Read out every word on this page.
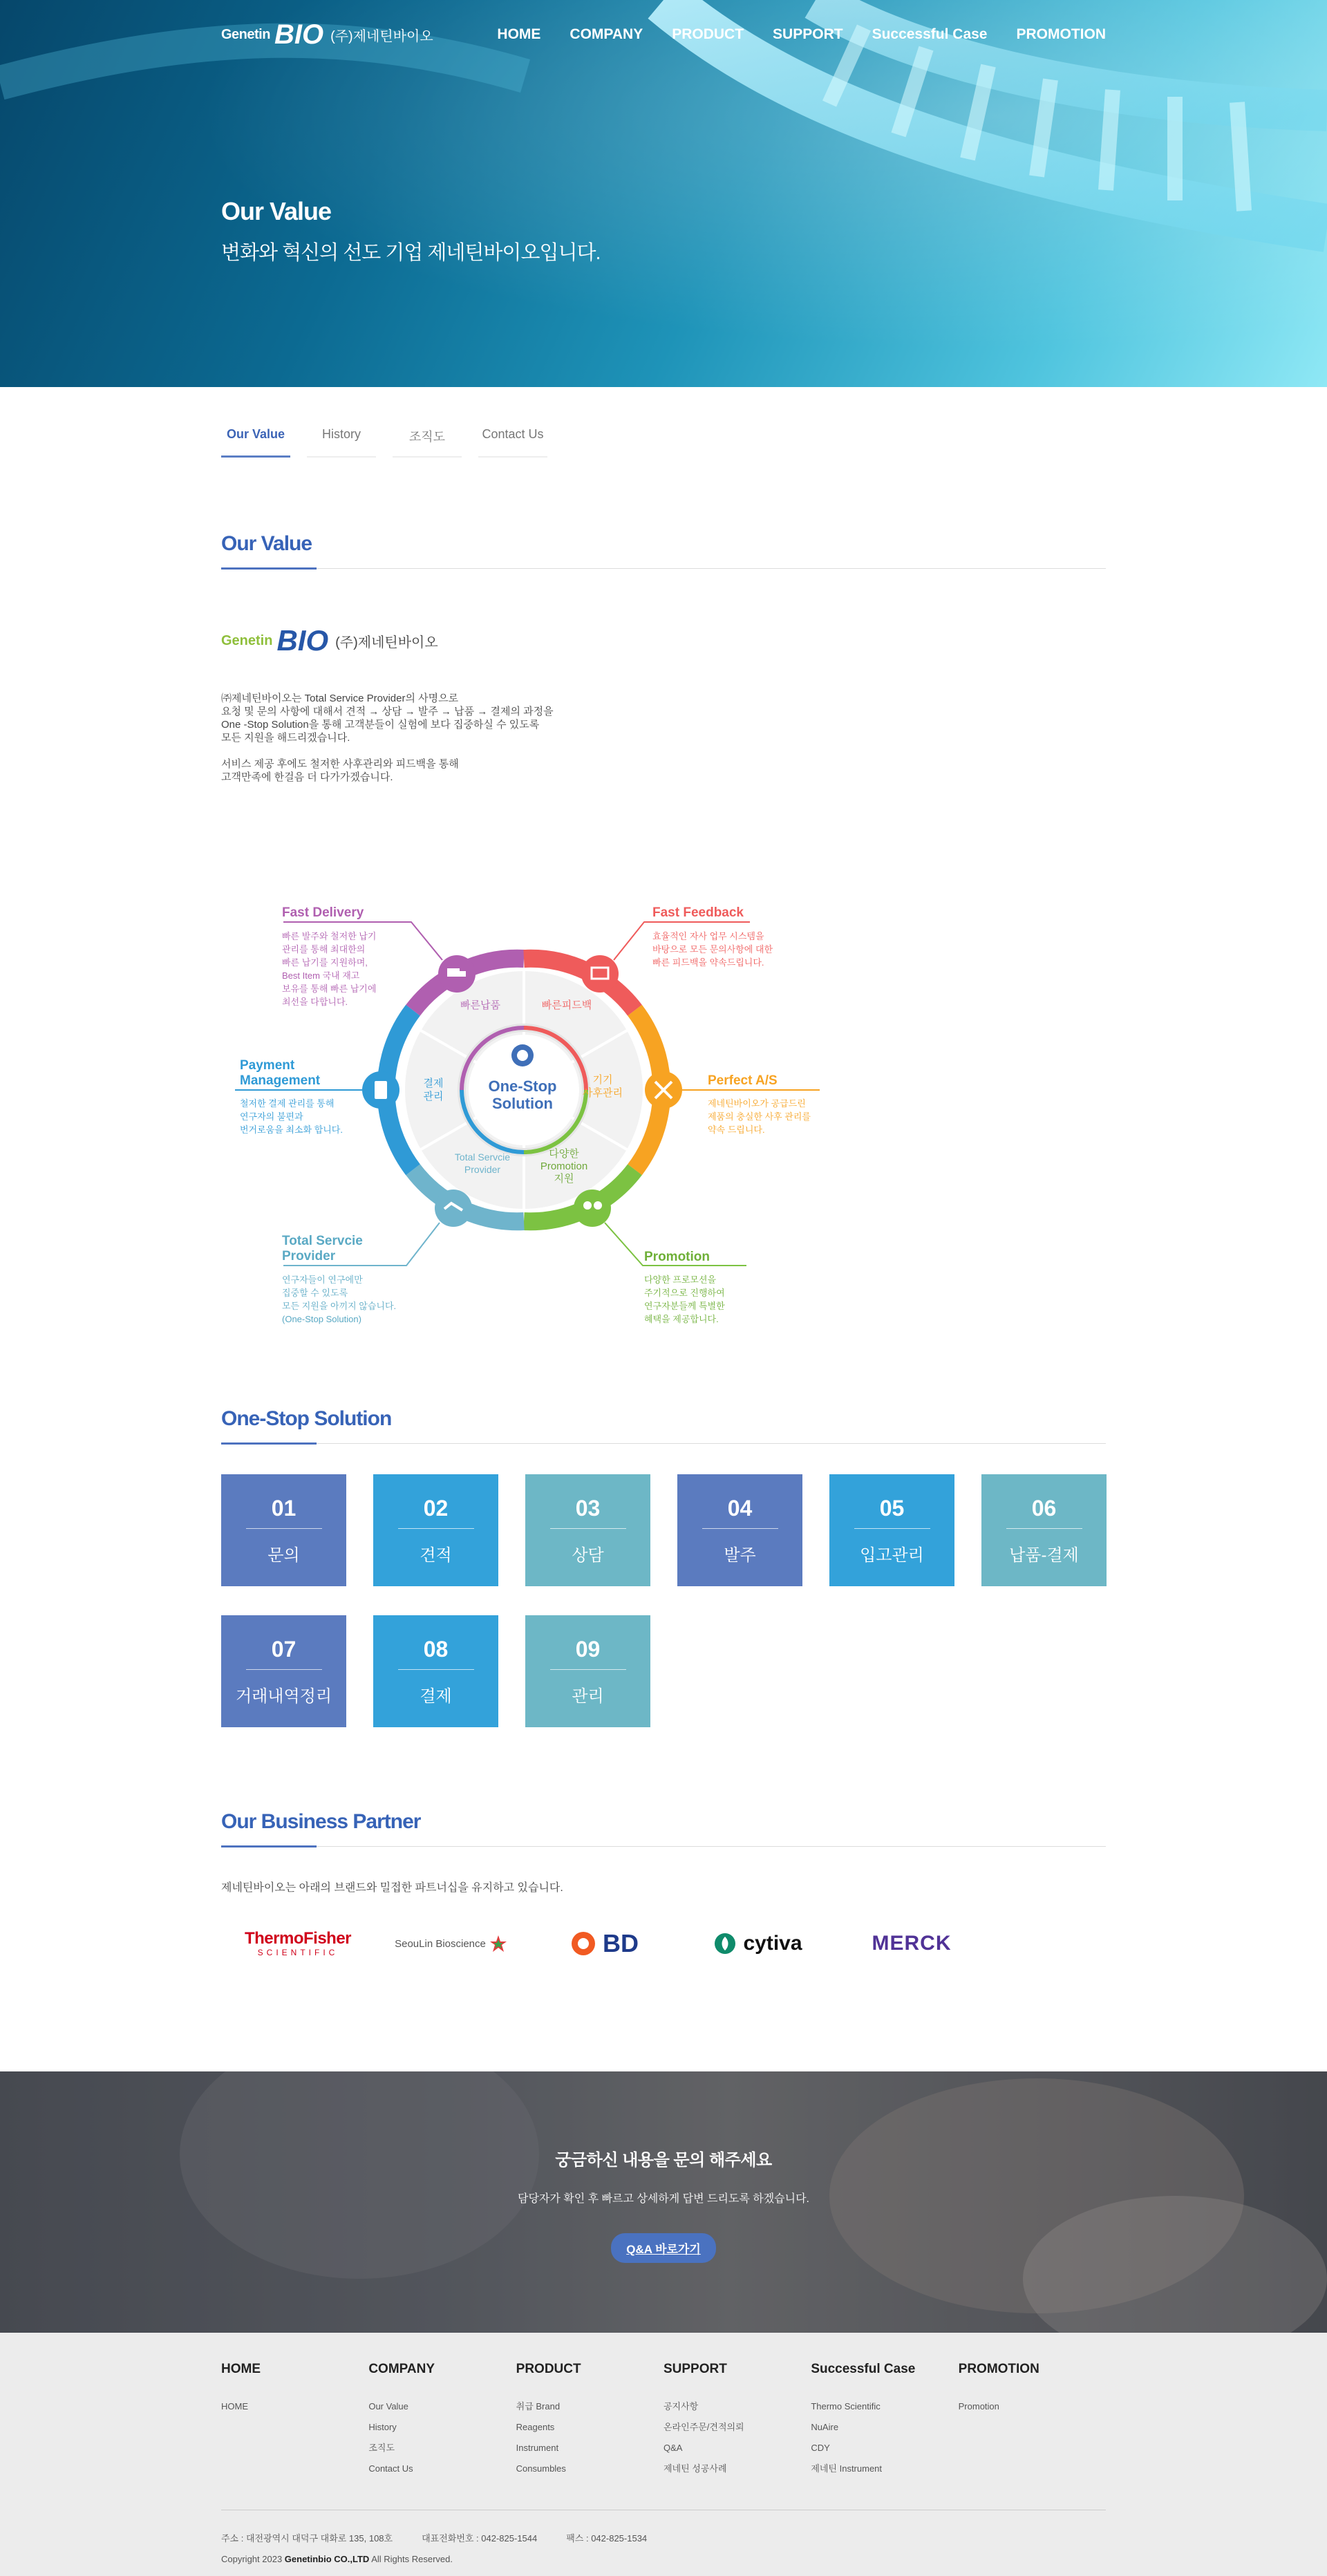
Genetin BIO (주)제네틴바이오	HOME COMPANY PRODUCT SUPPORT Successful Case PROMOTION
Our Value

변화와 혁신의 선도 기업 제네틴바이오입니다.

Our Value	History	조직도	Contact Us
Our Value
Genetin BIO (주)제네틴바이오

㈜제네틴바이오는 Total Service Provider의 사명으로
요청 및 문의 사항에 대해서 견적 → 상담 → 발주 → 납품 → 결제의 과정을
One -Stop Solution을 통해 고객분들이 실험에 보다 집중하실 수 있도록
모든 지원을 해드리겠습니다.

서비스 제공 후에도 철저한 사후관리와 피드백을 통해
고객만족에 한걸음 더 다가가겠습니다.

One-Stop
Solution
빠른납품	빠른피드백
기기
사후관리
다양한
Promotion
지원
Total Servcie
Provider
결제
관리
Fast Delivery
빠른 발주와 철저한 납기
관리를 통해 최대한의
빠른 납기를 지원하며,
Best Item 국내 재고
보유를 통해 빠른 납기에
최선을 다합니다.
Fast Feedback
효율적인 자사 업무 시스템을
바탕으로 모든 문의사항에 대한
빠른 피드백을 약속드립니다.
Payment
Management
철저한 결제 관리를 통해
연구자의 불편과
번거로움을 최소화 합니다.
Perfect A/S
제네틴바이오가 공급드린
제품의 충실한 사후 관리를
약속 드립니다.
Total Servcie
Provider
연구자들이 연구에만
집중할 수 있도록
모든 지원을 아끼지 않습니다.
(One-Stop Solution)
Promotion
다양한 프로모션을
주기적으로 진행하여
연구자분들께 특별한
혜택을 제공합니다.
One-Stop Solution
01
문의
02
견적
03
상담
04
발주
05
입고관리
06
납품-결제
07
거래내역정리
08
결제
09
관리
Our Business Partner

제네틴바이오는 아래의 브랜드와 밀접한 파트너십을 유지하고 있습니다.

ThermoFisher
SCIENTIFIC
SeouLin Bioscience	BD	cytiva	MERCK
궁금하신 내용을 문의 해주세요

담당자가 확인 후 빠르고 상세하게 답변 드리도록 하겠습니다.

Q&A 바로가기
HOME
HOME
COMPANY
Our Value
History
조직도
Contact Us
PRODUCT
취급 Brand
Reagents
Instrument
Consumbles
SUPPORT
공지사항
온라인주문/견적의뢰
Q&A
제네틴 성공사례
Successful Case
Thermo Scientific
NuAire
CDY
제네틴 Instrument
PROMOTION
Promotion
주소 : 대전광역시 대덕구 대화로 135, 108호	대표전화번호 : 042-825-1544	팩스 : 042-825-1534
Copyright 2023 Genetinbio CO.,LTD All Rights Reserved.
